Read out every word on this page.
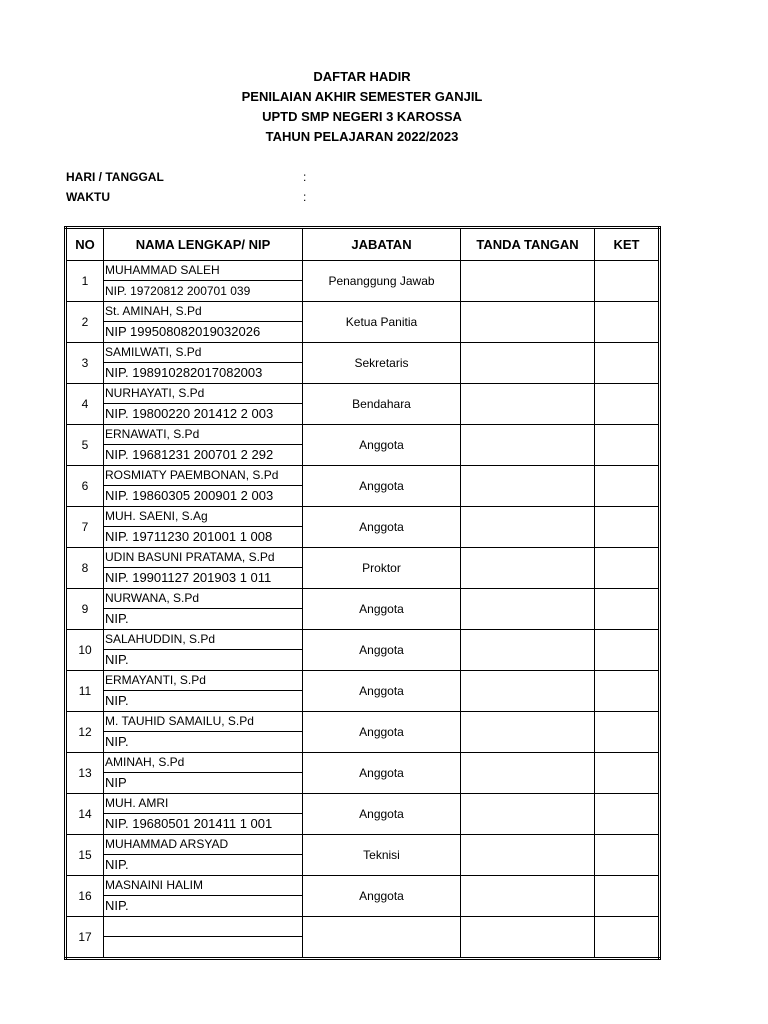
DAFTAR HADIR
PENILAIAN AKHIR SEMESTER GANJIL
UPTD SMP NEGERI 3 KAROSSA
TAHUN PELAJARAN 2022/2023
HARI / TANGGAL	:
WAKTU	:
NO	NAMA LENGKAP/ NIP	JABATAN	TANDA TANGAN	KET
1	MUHAMMAD SALEH
NIP. 19720812 200701 039	Penanggung Jawab		
2	St. AMINAH, S.Pd
NIP 199508082019032026	Ketua Panitia		
3	SAMILWATI, S.Pd
NIP. 198910282017082003	Sekretaris		
4	NURHAYATI, S.Pd
NIP. 19800220 201412 2 003	Bendahara		
5	ERNAWATI, S.Pd
NIP. 19681231 200701 2 292	Anggota		
6	ROSMIATY PAEMBONAN, S.Pd
NIP. 19860305 200901 2 003	Anggota		
7	MUH. SAENI, S.Ag
NIP. 19711230 201001 1 008	Anggota		
8	UDIN BASUNI PRATAMA, S.Pd
NIP. 19901127 201903 1 011	Proktor		
9	NURWANA, S.Pd
NIP.	Anggota		
10	SALAHUDDIN, S.Pd
NIP.	Anggota		
11	ERMAYANTI, S.Pd
NIP.	Anggota		
12	M. TAUHID SAMAILU, S.Pd
NIP.	Anggota		
13	AMINAH, S.Pd
NIP	Anggota		
14	MUH. AMRI
NIP. 19680501 201411 1 001	Anggota		
15	MUHAMMAD ARSYAD
NIP.	Teknisi		
16	MASNAINI HALIM
NIP.	Anggota		
17	
